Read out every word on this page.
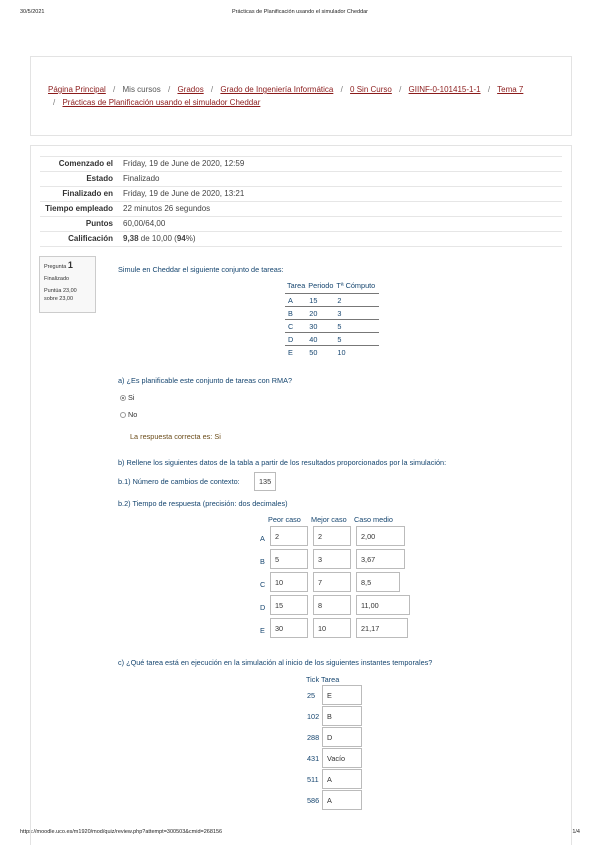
30/5/2021	Prácticas de Planificación usando el simulador Cheddar
https://moodle.uco.es/m1920/mod/quiz/review.php?attempt=300503&cmid=268156	1/4
Página Principal / Mis cursos / Grados / Grado de Ingeniería Informática / 0 Sin Curso / GIINF-0-101415-1-1 / Tema 7
/ Prácticas de Planificación usando el simulador Cheddar
Comenzado el	Friday, 19 de June de 2020, 12:59
Estado	Finalizado
Finalizado en	Friday, 19 de June de 2020, 13:21
Tiempo empleado	22 minutos 26 segundos
Puntos	60,00/64,00
Calificación	9,38 de 10,00 (94%)
Pregunta 1
Finalizado
Puntúa 23,00 sobre 23,00
Simule en Cheddar el siguiente conjunto de tareas:
Tarea	Periodo	Tª Cómputo
A	15	2
B	20	3
C	30	5
D	40	5
E	50	10
a) ¿Es planificable este conjunto de tareas con RMA?
Si
No
La respuesta correcta es: Si
b) Rellene los siguientes datos de la tabla a partir de los resultados proporcionados por la simulación:
b.1) Número de cambios de contexto:	135
b.2) Tiempo de respuesta (precisión: dos decimales)
Peor caso Mejor caso Caso medio
A	2	2	2,00
B	5	3	3,67
C	10	7	8,5
D	15	8	11,00
E	30	10	21,17
c) ¿Qué tarea está en ejecución en la simulación al inicio de los siguientes instantes temporales?
Tick Tarea
25	E
102	B
288	D
431	Vacío
511	A
586	A
